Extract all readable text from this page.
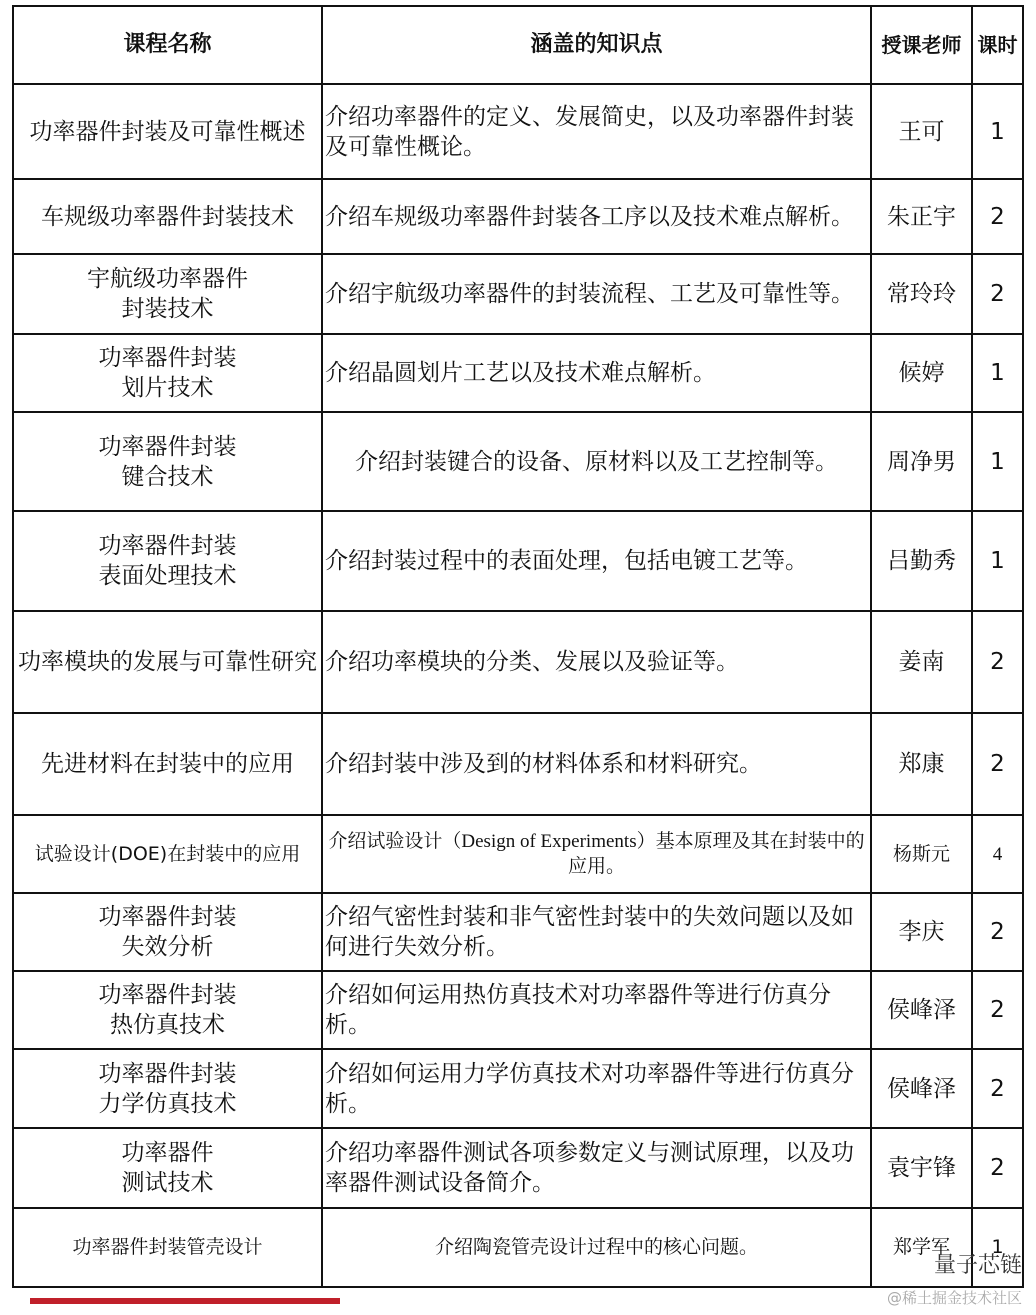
课程名称	涵盖的知识点	授课老师	课时
功率器件封装及可靠性概述	介绍功率器件的定义、发展简史，以及功率器件封装及可靠性概论。	王可	1
车规级功率器件封装技术	介绍车规级功率器件封装各工序以及技术难点解析。	朱正宇	2
宇航级功率器件
封装技术	介绍宇航级功率器件的封装流程、工艺及可靠性等。	常玲玲	2
功率器件封装
划片技术	介绍晶圆划片工艺以及技术难点解析。	候婷	1
功率器件封装
键合技术	介绍封装键合的设备、原材料以及工艺控制等。	周净男	1
功率器件封装
表面处理技术	介绍封装过程中的表面处理，包括电镀工艺等。	吕勤秀	1
功率模块的发展与可靠性研究	介绍功率模块的分类、发展以及验证等。	姜南	2
先进材料在封装中的应用	介绍封装中涉及到的材料体系和材料研究。	郑康	2
试验设计(DOE)在封装中的应用	介绍试验设计（Design of Experiments）基本原理及其在封装中的应用。	杨斯元	4
功率器件封装
失效分析	介绍气密性封装和非气密性封装中的失效问题以及如何进行失效分析。	李庆	2
功率器件封装
热仿真技术	介绍如何运用热仿真技术对功率器件等进行仿真分析。	侯峰泽	2
功率器件封装
力学仿真技术	介绍如何运用力学仿真技术对功率器件等进行仿真分析。	侯峰泽	2
功率器件
测试技术	介绍功率器件测试各项参数定义与测试原理，以及功率器件测试设备简介。	袁宇锋	2
功率器件封装管壳设计	介绍陶瓷管壳设计过程中的核心问题。	郑学军	1
量子芯链
@稀土掘金技术社区
